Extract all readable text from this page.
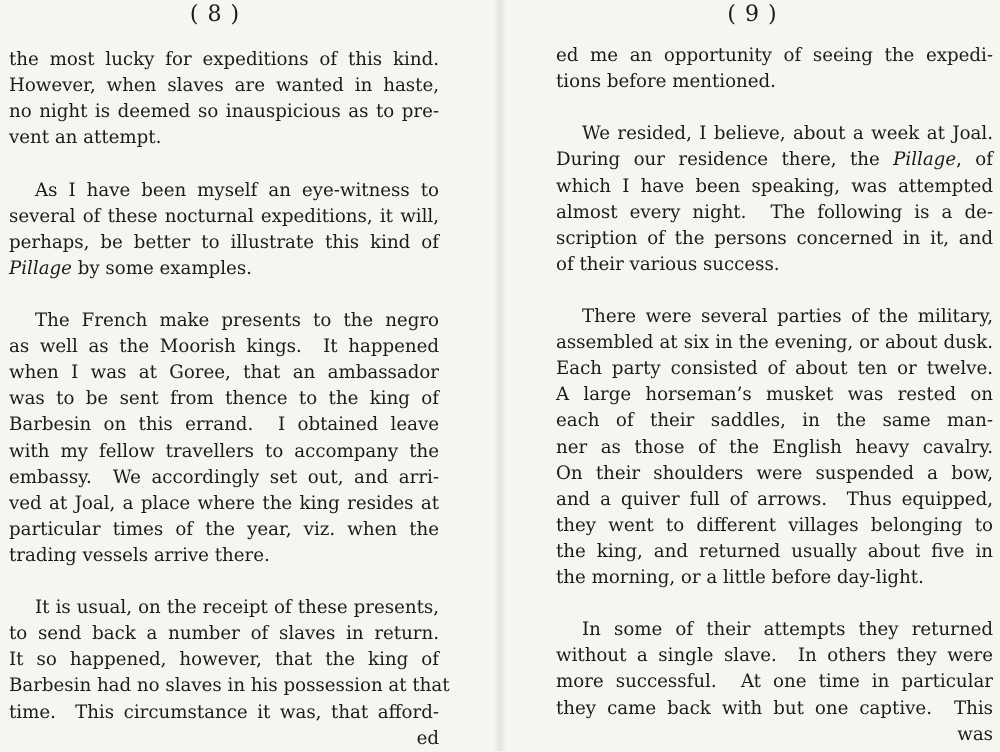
( 8 )
the most lucky for expeditions of this kind.
However, when slaves are wanted in haste,
no night is deemed so inauspicious as to pre-
vent an attempt.
As I have been myself an eye-witness to
several of these nocturnal expeditions, it will,
perhaps, be better to illustrate this kind of
Pillage by some examples.
The French make presents to the negro
as well as the Moorish kings.  It happened
when I was at Goree, that an ambassador
was to be sent from thence to the king of
Barbesin on this errand.  I obtained leave
with my fellow travellers to accompany the
embassy.  We accordingly set out, and arri-
ved at Joal, a place where the king resides at
particular times of the year, viz. when the
trading vessels arrive there.
It is usual, on the receipt of these presents,
to send back a number of slaves in return.
It so happened, however, that the king of
Barbesin had no slaves in his possession at that
time.  This circumstance it was, that afford-
ed
( 9 )
ed me an opportunity of seeing the expedi-
tions before mentioned.
We resided, I believe, about a week at Joal.
During our residence there, the Pillage, of
which I have been speaking, was attempted
almost every night.  The following is a de-
scription of the persons concerned in it, and
of their various success.
There were several parties of the military,
assembled at six in the evening, or about dusk.
Each party consisted of about ten or twelve.
A large horseman’s musket was rested on
each of their saddles, in the same man-
ner as those of the English heavy cavalry.
On their shoulders were suspended a bow,
and a quiver full of arrows.  Thus equipped,
they went to different villages belonging to
the king, and returned usually about five in
the morning, or a little before day-light.
In some of their attempts they returned
without a single slave.  In others they were
more successful.  At one time in particular
they came back with but one captive.  This
was
